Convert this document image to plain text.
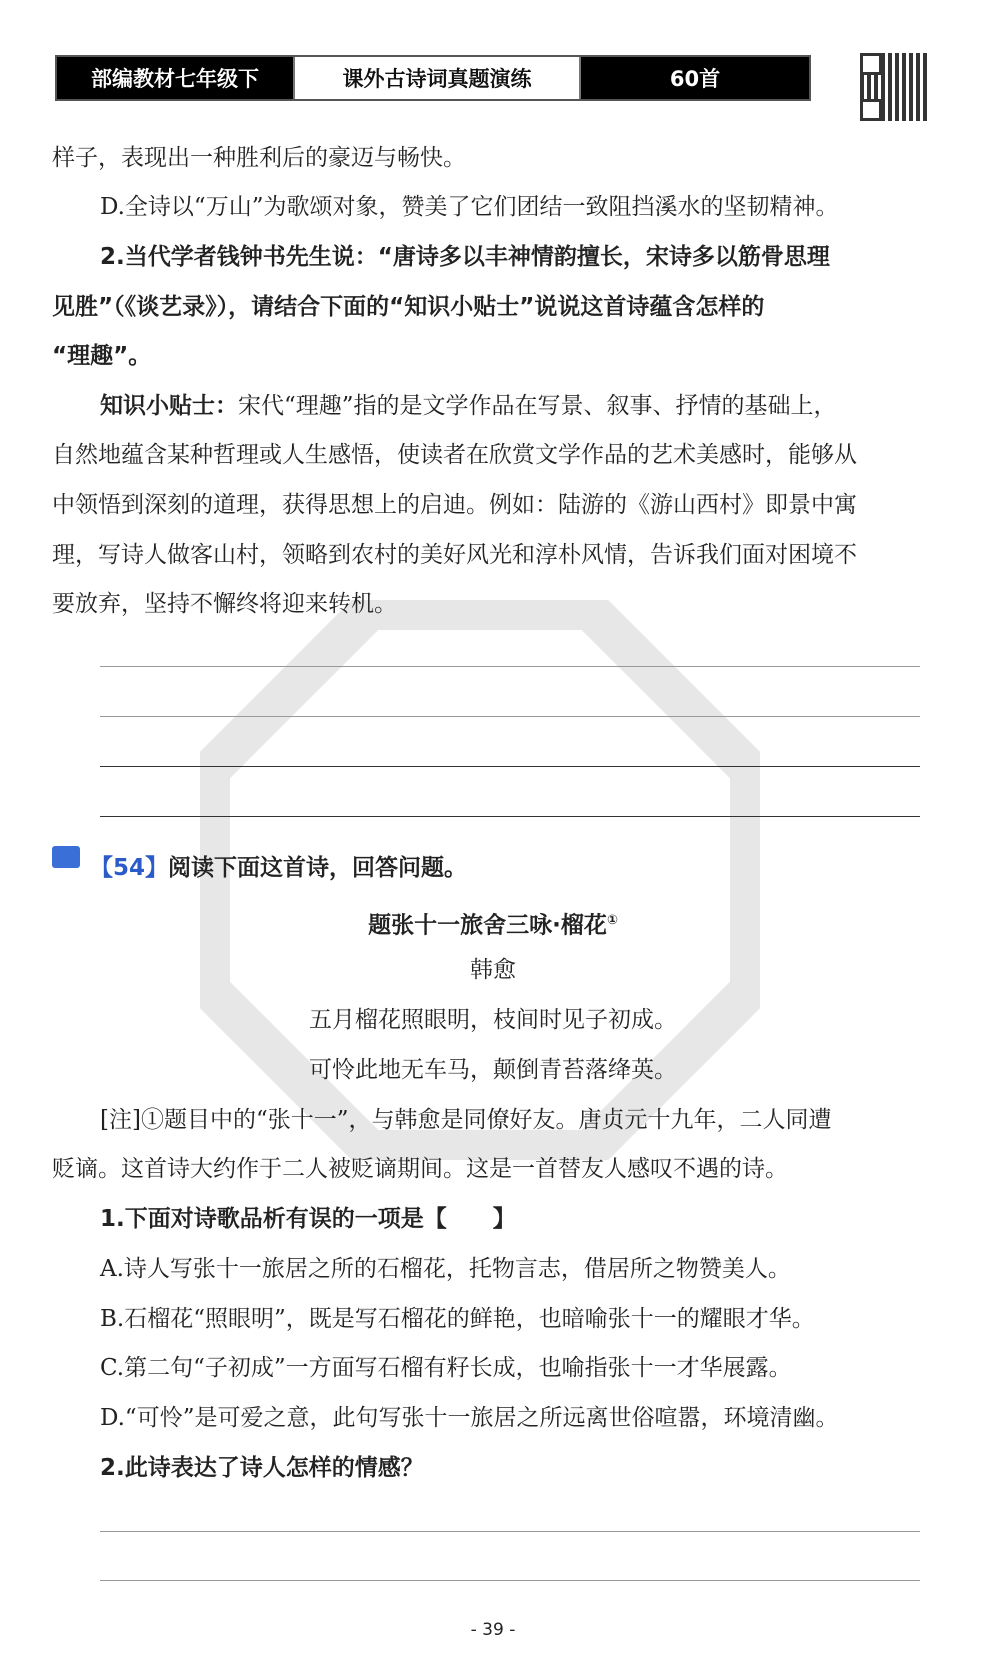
部编教材七年级下	课外古诗词真题演练	60首
样子，表现出一种胜利后的豪迈与畅快。
D.全诗以“万山”为歌颂对象，赞美了它们团结一致阻挡溪水的坚韧精神。
2.当代学者钱钟书先生说：“唐诗多以丰神情韵擅长，宋诗多以筋骨思理
见胜”（《谈艺录》），请结合下面的“知识小贴士”说说这首诗蕴含怎样的
“理趣”。
知识小贴士：宋代“理趣”指的是文学作品在写景、叙事、抒情的基础上，
自然地蕴含某种哲理或人生感悟，使读者在欣赏文学作品的艺术美感时，能够从
中领悟到深刻的道理，获得思想上的启迪。例如：陆游的《游山西村》即景中寓
理，写诗人做客山村，领略到农村的美好风光和淳朴风情，告诉我们面对困境不
要放弃，坚持不懈终将迎来转机。
【54】阅读下面这首诗，回答问题。
题张十一旅舍三咏·榴花①
韩愈
五月榴花照眼明，枝间时见子初成。
可怜此地无车马，颠倒青苔落绛英。
[注]①题目中的“张十一”，与韩愈是同僚好友。唐贞元十九年，二人同遭
贬谪。这首诗大约作于二人被贬谪期间。这是一首替友人感叹不遇的诗。
1.下面对诗歌品析有误的一项是【　　】
A.诗人写张十一旅居之所的石榴花，托物言志，借居所之物赞美人。
B.石榴花“照眼明”，既是写石榴花的鲜艳，也暗喻张十一的耀眼才华。
C.第二句“子初成”一方面写石榴有籽长成，也喻指张十一才华展露。
D.“可怜”是可爱之意，此句写张十一旅居之所远离世俗喧嚣，环境清幽。
2.此诗表达了诗人怎样的情感？
- 39 -
